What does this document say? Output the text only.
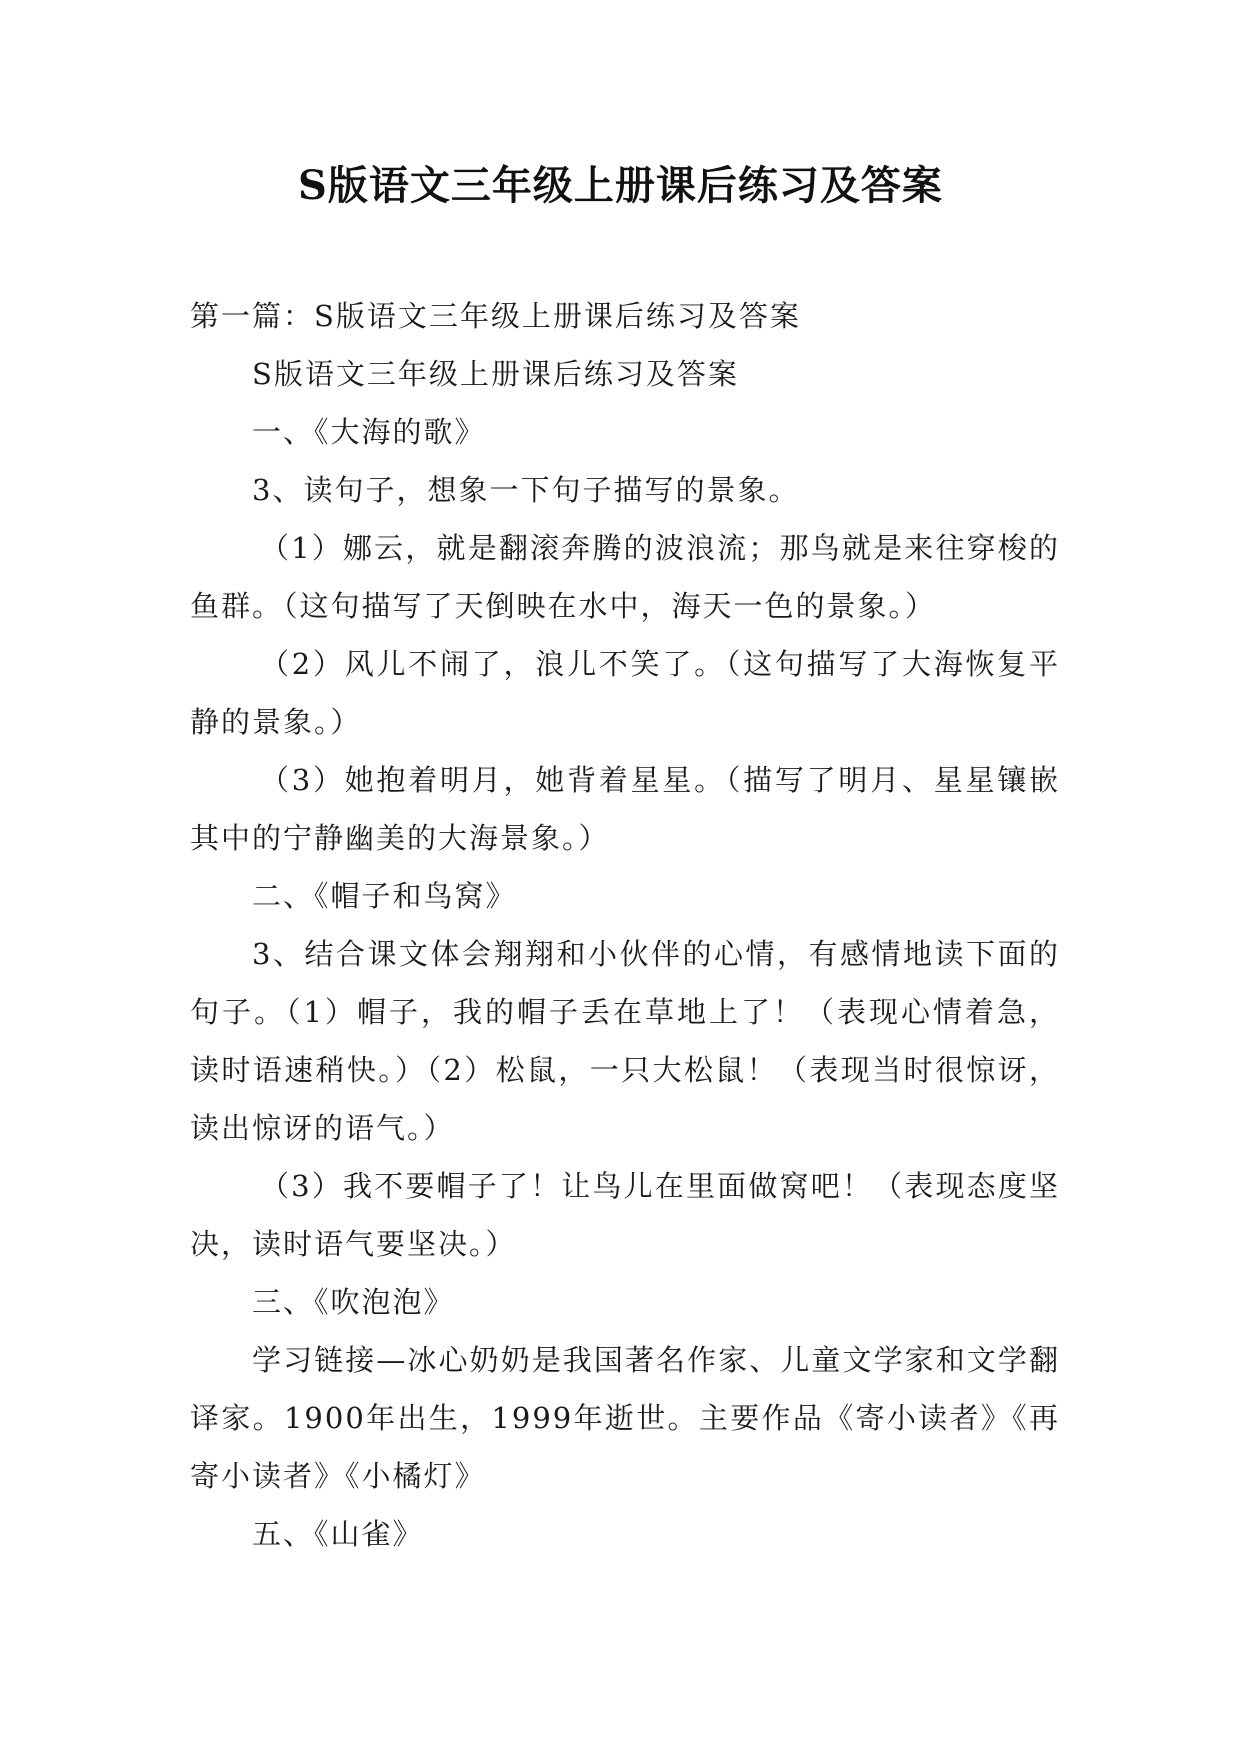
S版语文三年级上册课后练习及答案

第一篇：S版语文三年级上册课后练习及答案

S版语文三年级上册课后练习及答案

一、《大海的歌》

3、读句子，想象一下句子描写的景象。

（1）娜云，就是翻滚奔腾的波浪流；那鸟就是来往穿梭的鱼群。（这句描写了天倒映在水中，海天一色的景象。）

（2）风儿不闹了，浪儿不笑了。（这句描写了大海恢复平静的景象。）

（3）她抱着明月，她背着星星。（描写了明月、星星镶嵌其中的宁静幽美的大海景象。）

二、《帽子和鸟窝》

3、结合课文体会翔翔和小伙伴的心情，有感情地读下面的句子。（1）帽子，我的帽子丢在草地上了！（表现心情着急，读时语速稍快。）（2）松鼠，一只大松鼠！（表现当时很惊讶，读出惊讶的语气。）

（3）我不要帽子了！让鸟儿在里面做窝吧！（表现态度坚决，读时语气要坚决。）

三、《吹泡泡》

学习链接—冰心奶奶是我国著名作家、儿童文学家和文学翻译家。1900年出生，1999年逝世。主要作品《寄小读者》《再寄小读者》《小橘灯》

五、《山雀》
